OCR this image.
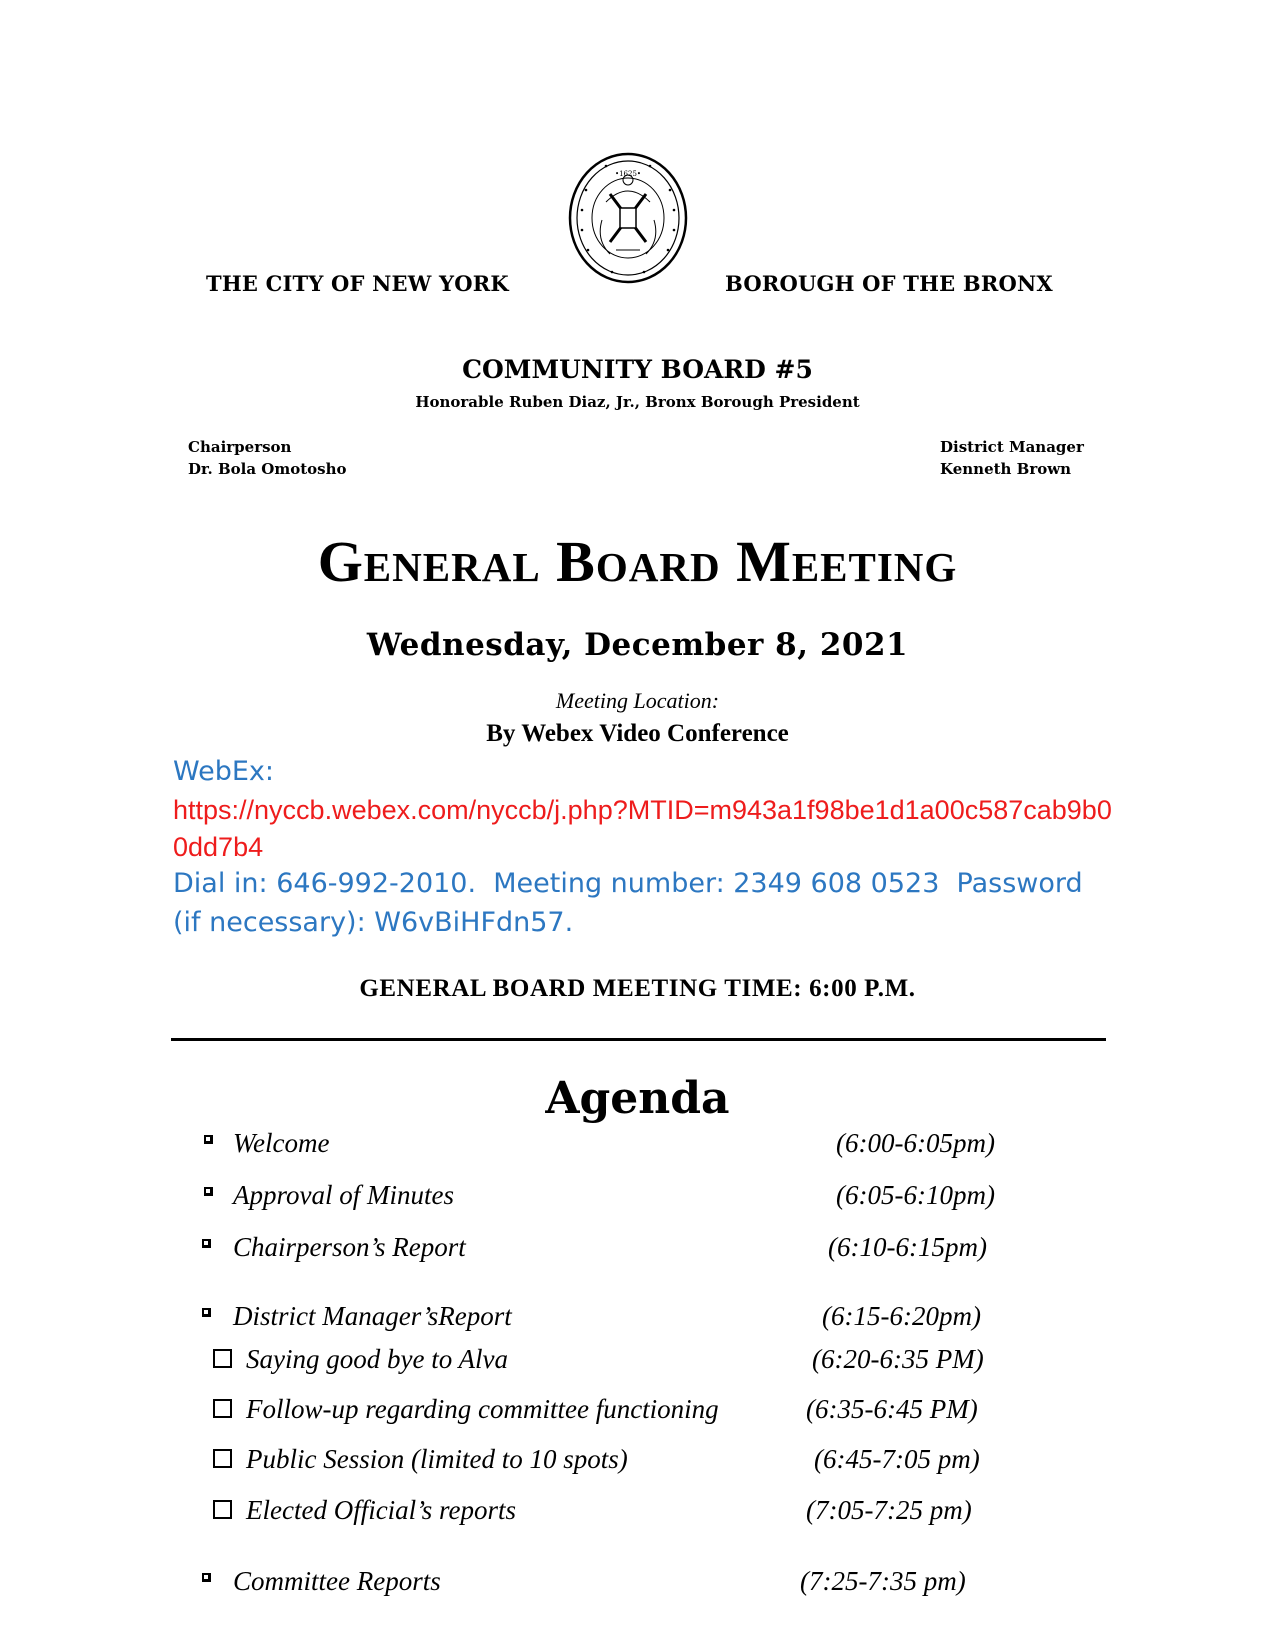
•1625•
THE CITY OF NEW YORK	BOROUGH OF THE BRONX
COMMUNITY BOARD #5
Honorable Ruben Diaz, Jr., Bronx Borough President
Chairperson
Dr. Bola Omotosho
District Manager
Kenneth Brown
General Board Meeting
Wednesday, December 8, 2021
Meeting Location:
By Webex Video Conference
WebEx:
https://nyccb.webex.com/nyccb/j.php?MTID=m943a1f98be1d1a00c587cab9b00dd7b4
Dial in: 646-992-2010.  Meeting number: 2349 608 0523  Password (if necessary): W6vBiHFdn57.
GENERAL BOARD MEETING TIME: 6:00 P.M.
Agenda
Welcome	(6:00-6:05pm)
Approval of Minutes	(6:05-6:10pm)
Chairperson’s Report	(6:10-6:15pm)
District Manager’sReport	(6:15-6:20pm)
Saying good bye to Alva	(6:20-6:35 PM)
Follow-up regarding committee functioning	(6:35-6:45 PM)
Public Session (limited to 10 spots)	(6:45-7:05 pm)
Elected Official’s reports	(7:05-7:25 pm)
Committee Reports	(7:25-7:35 pm)
